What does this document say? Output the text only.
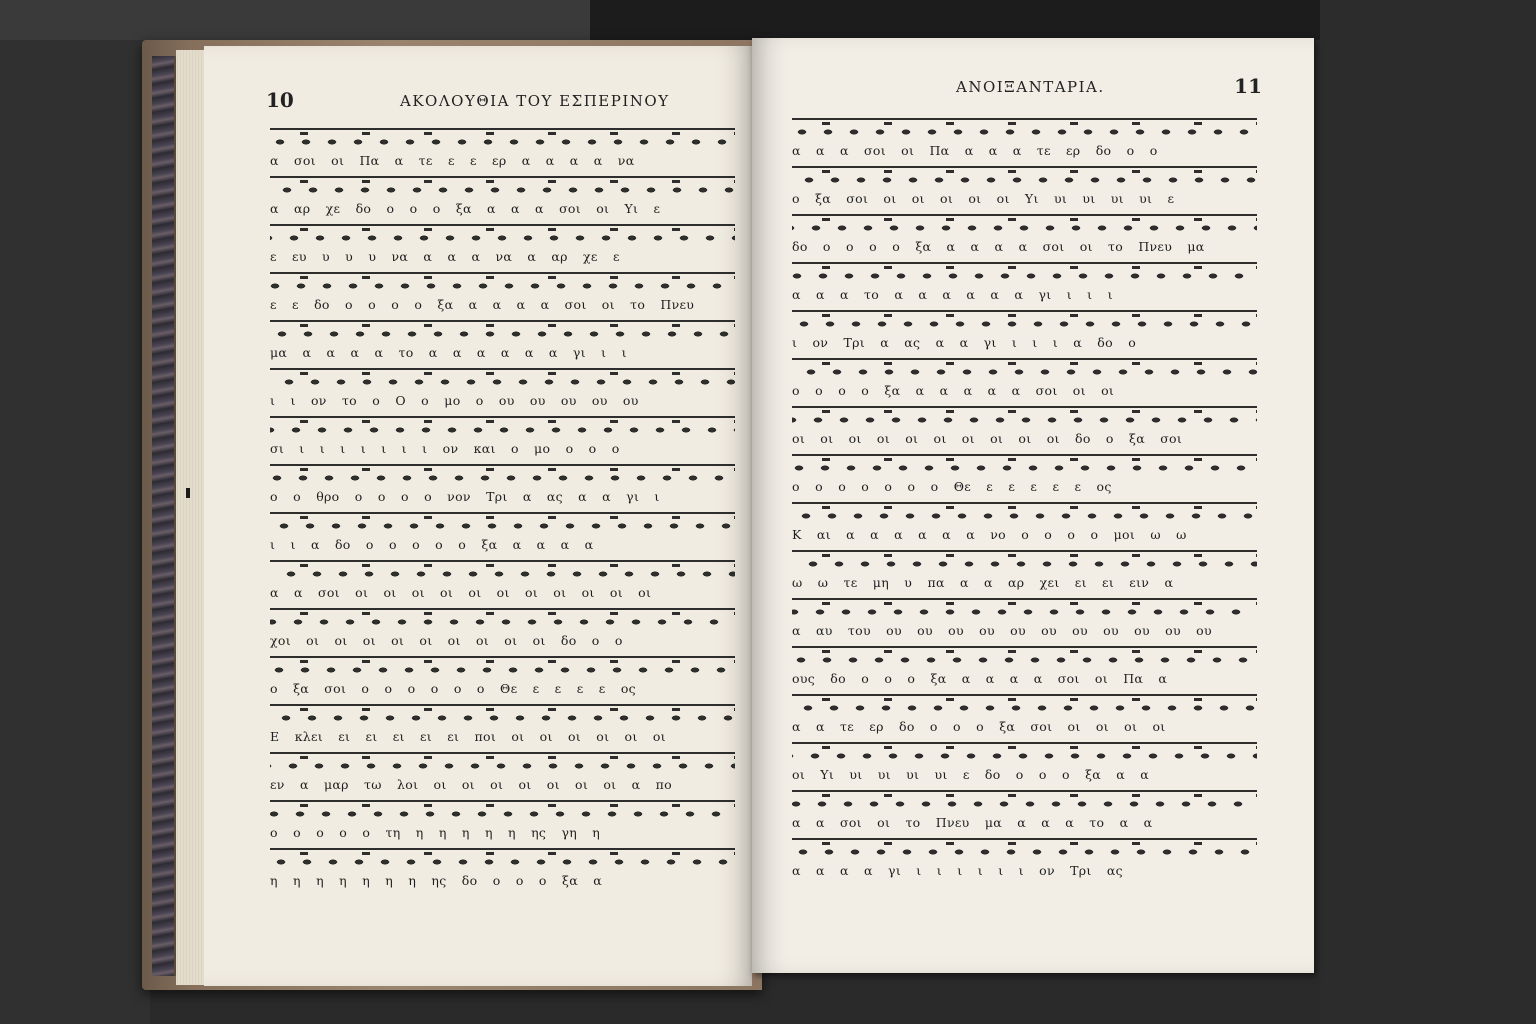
10	ΑΚΟΛΟΥΘΙΑ ΤΟΥ ΕΣΠΕΡΙΝΟΥ
α σοι οι Πα α τε ε ε ερ α α α α να
α αρ χε δο ο ο ο ξα α α α σοι οι Υι ε
ε ευ υ υ υ να α α α να α αρ χε ε
ε ε δο ο ο ο ο ξα α α α α σοι οι το Πνευ
μα α α α α το α α α α α α γι ι ι
ι ι ον το ο Ο ο μο ο ου ου ου ου ου
σι ι ι ι ι ι ι ι ον και ο μο ο ο ο
ο ο θρο ο ο ο ο νον Τρι α ας α α γι ι
ι ι α δο ο ο ο ο ο ξα α α α α
α α σοι οι οι οι οι οι οι οι οι οι οι οι
χοι οι οι οι οι οι οι οι οι οι δο ο ο
ο ξα σοι ο ο ο ο ο ο Θε ε ε ε ε ος
Ε κλει ει ει ει ει ει ποι οι οι οι οι οι οι
εν α μαρ τω λοι οι οι οι οι οι οι οι α πο
ο ο ο ο ο τη η η η η η ης γη η
η η η η η η η ης δο ο ο ο ξα α
11
ΑΝΟΙΞΑΝΤΑΡΙΑ.
α α α σοι οι Πα α α α τε ερ δο ο ο
ο ξα σοι οι οι οι οι οι Υι υι υι υι υι ε
δο ο ο ο ο ξα α α α α σοι οι το Πνευ μα
α α α το α α α α α α γι ι ι ι
ι ον Τρι α ας α α γι ι ι ι α δο ο
ο ο ο ο ξα α α α α α σοι οι οι
οι οι οι οι οι οι οι οι οι οι δο ο ξα σοι
ο ο ο ο ο ο ο Θε ε ε ε ε ε ος
Κ αι α α α α α α νο ο ο ο ο μοι ω ω
ω ω τε μη υ πα α α αρ χει ει ει ειν α
α αυ του ου ου ου ου ου ου ου ου ου ου ου
ους δο ο ο ο ξα α α α α σοι οι Πα α
α α τε ερ δο ο ο ο ξα σοι οι οι οι οι
οι Υι υι υι υι υι ε δο ο ο ο ξα α α
α α σοι οι το Πνευ μα α α α το α α
α α α α γι ι ι ι ι ι ι ον Τρι ας
